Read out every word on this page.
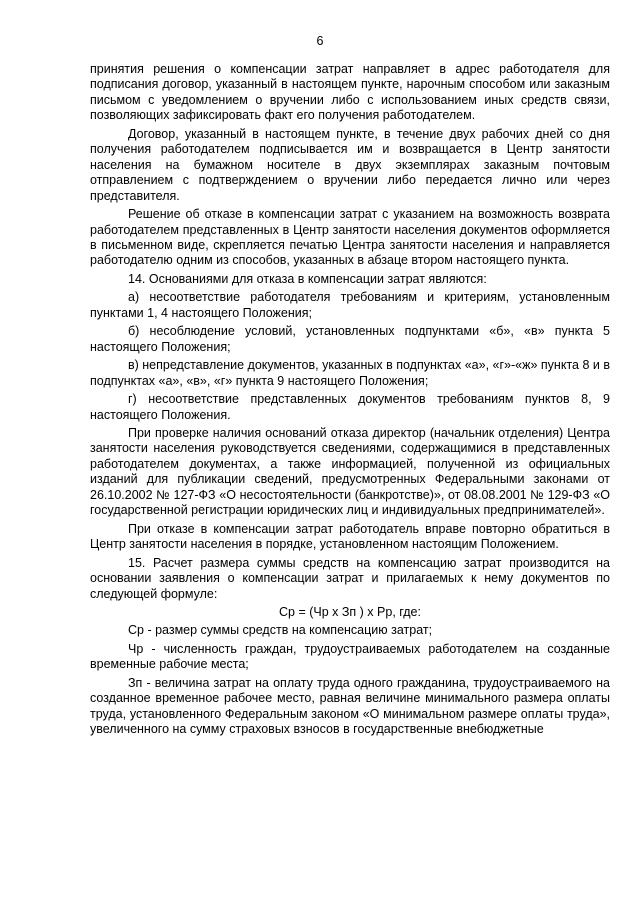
6

принятия решения о компенсации затрат направляет в адрес работодателя для подписания договор, указанный в настоящем пункте, нарочным способом или заказным письмом с уведомлением о вручении либо с использованием иных средств связи, позволяющих зафиксировать факт его получения работодателем.

Договор, указанный в настоящем пункте, в течение двух рабочих дней со дня получения работодателем подписывается им и возвращается в Центр занятости населения на бумажном носителе в двух экземплярах заказным почтовым отправлением с подтверждением о вручении либо передается лично или через представителя.

Решение об отказе в компенсации затрат с указанием на возможность возврата работодателем представленных в Центр занятости населения документов оформляется в письменном виде, скрепляется печатью Центра занятости населения и направляется работодателю одним из способов, указанных в абзаце втором настоящего пункта.

14. Основаниями для отказа в компенсации затрат являются:

а) несоответствие работодателя требованиям и критериям, установленным пунктами 1, 4 настоящего Положения;

б) несоблюдение условий, установленных подпунктами «б», «в» пункта 5 настоящего Положения;

в) непредставление документов, указанных в подпунктах «а», «г»-«ж» пункта 8 и в подпунктах «а», «в», «г» пункта 9 настоящего Положения;

г) несоответствие представленных документов требованиям пунктов 8, 9 настоящего Положения.

При проверке наличия оснований отказа директор (начальник отделения) Центра занятости населения руководствуется сведениями, содержащимися в представленных работодателем документах, а также информацией, полученной из официальных изданий для публикации сведений, предусмотренных Федеральными законами от 26.10.2002 № 127-ФЗ «О несостоятельности (банкротстве)», от 08.08.2001 № 129-ФЗ «О государственной регистрации юридических лиц и индивидуальных предпринимателей».

При отказе в компенсации затрат работодатель вправе повторно обратиться в Центр занятости населения в порядке, установленном настоящим Положением.

15. Расчет размера суммы средств на компенсацию затрат производится на основании заявления о компенсации затрат и прилагаемых к нему документов по следующей формуле:

Ср = (Чр х Зп ) х Рр, где:

Ср - размер суммы средств на компенсацию затрат;

Чр - численность граждан, трудоустраиваемых работодателем на созданные временные рабочие места;

Зп - величина затрат на оплату труда одного гражданина, трудоустраиваемого на созданное временное рабочее место, равная величине минимального размера оплаты труда, установленного Федеральным законом «О минимальном размере оплаты труда», увеличенного на сумму страховых взносов в государственные внебюджетные
